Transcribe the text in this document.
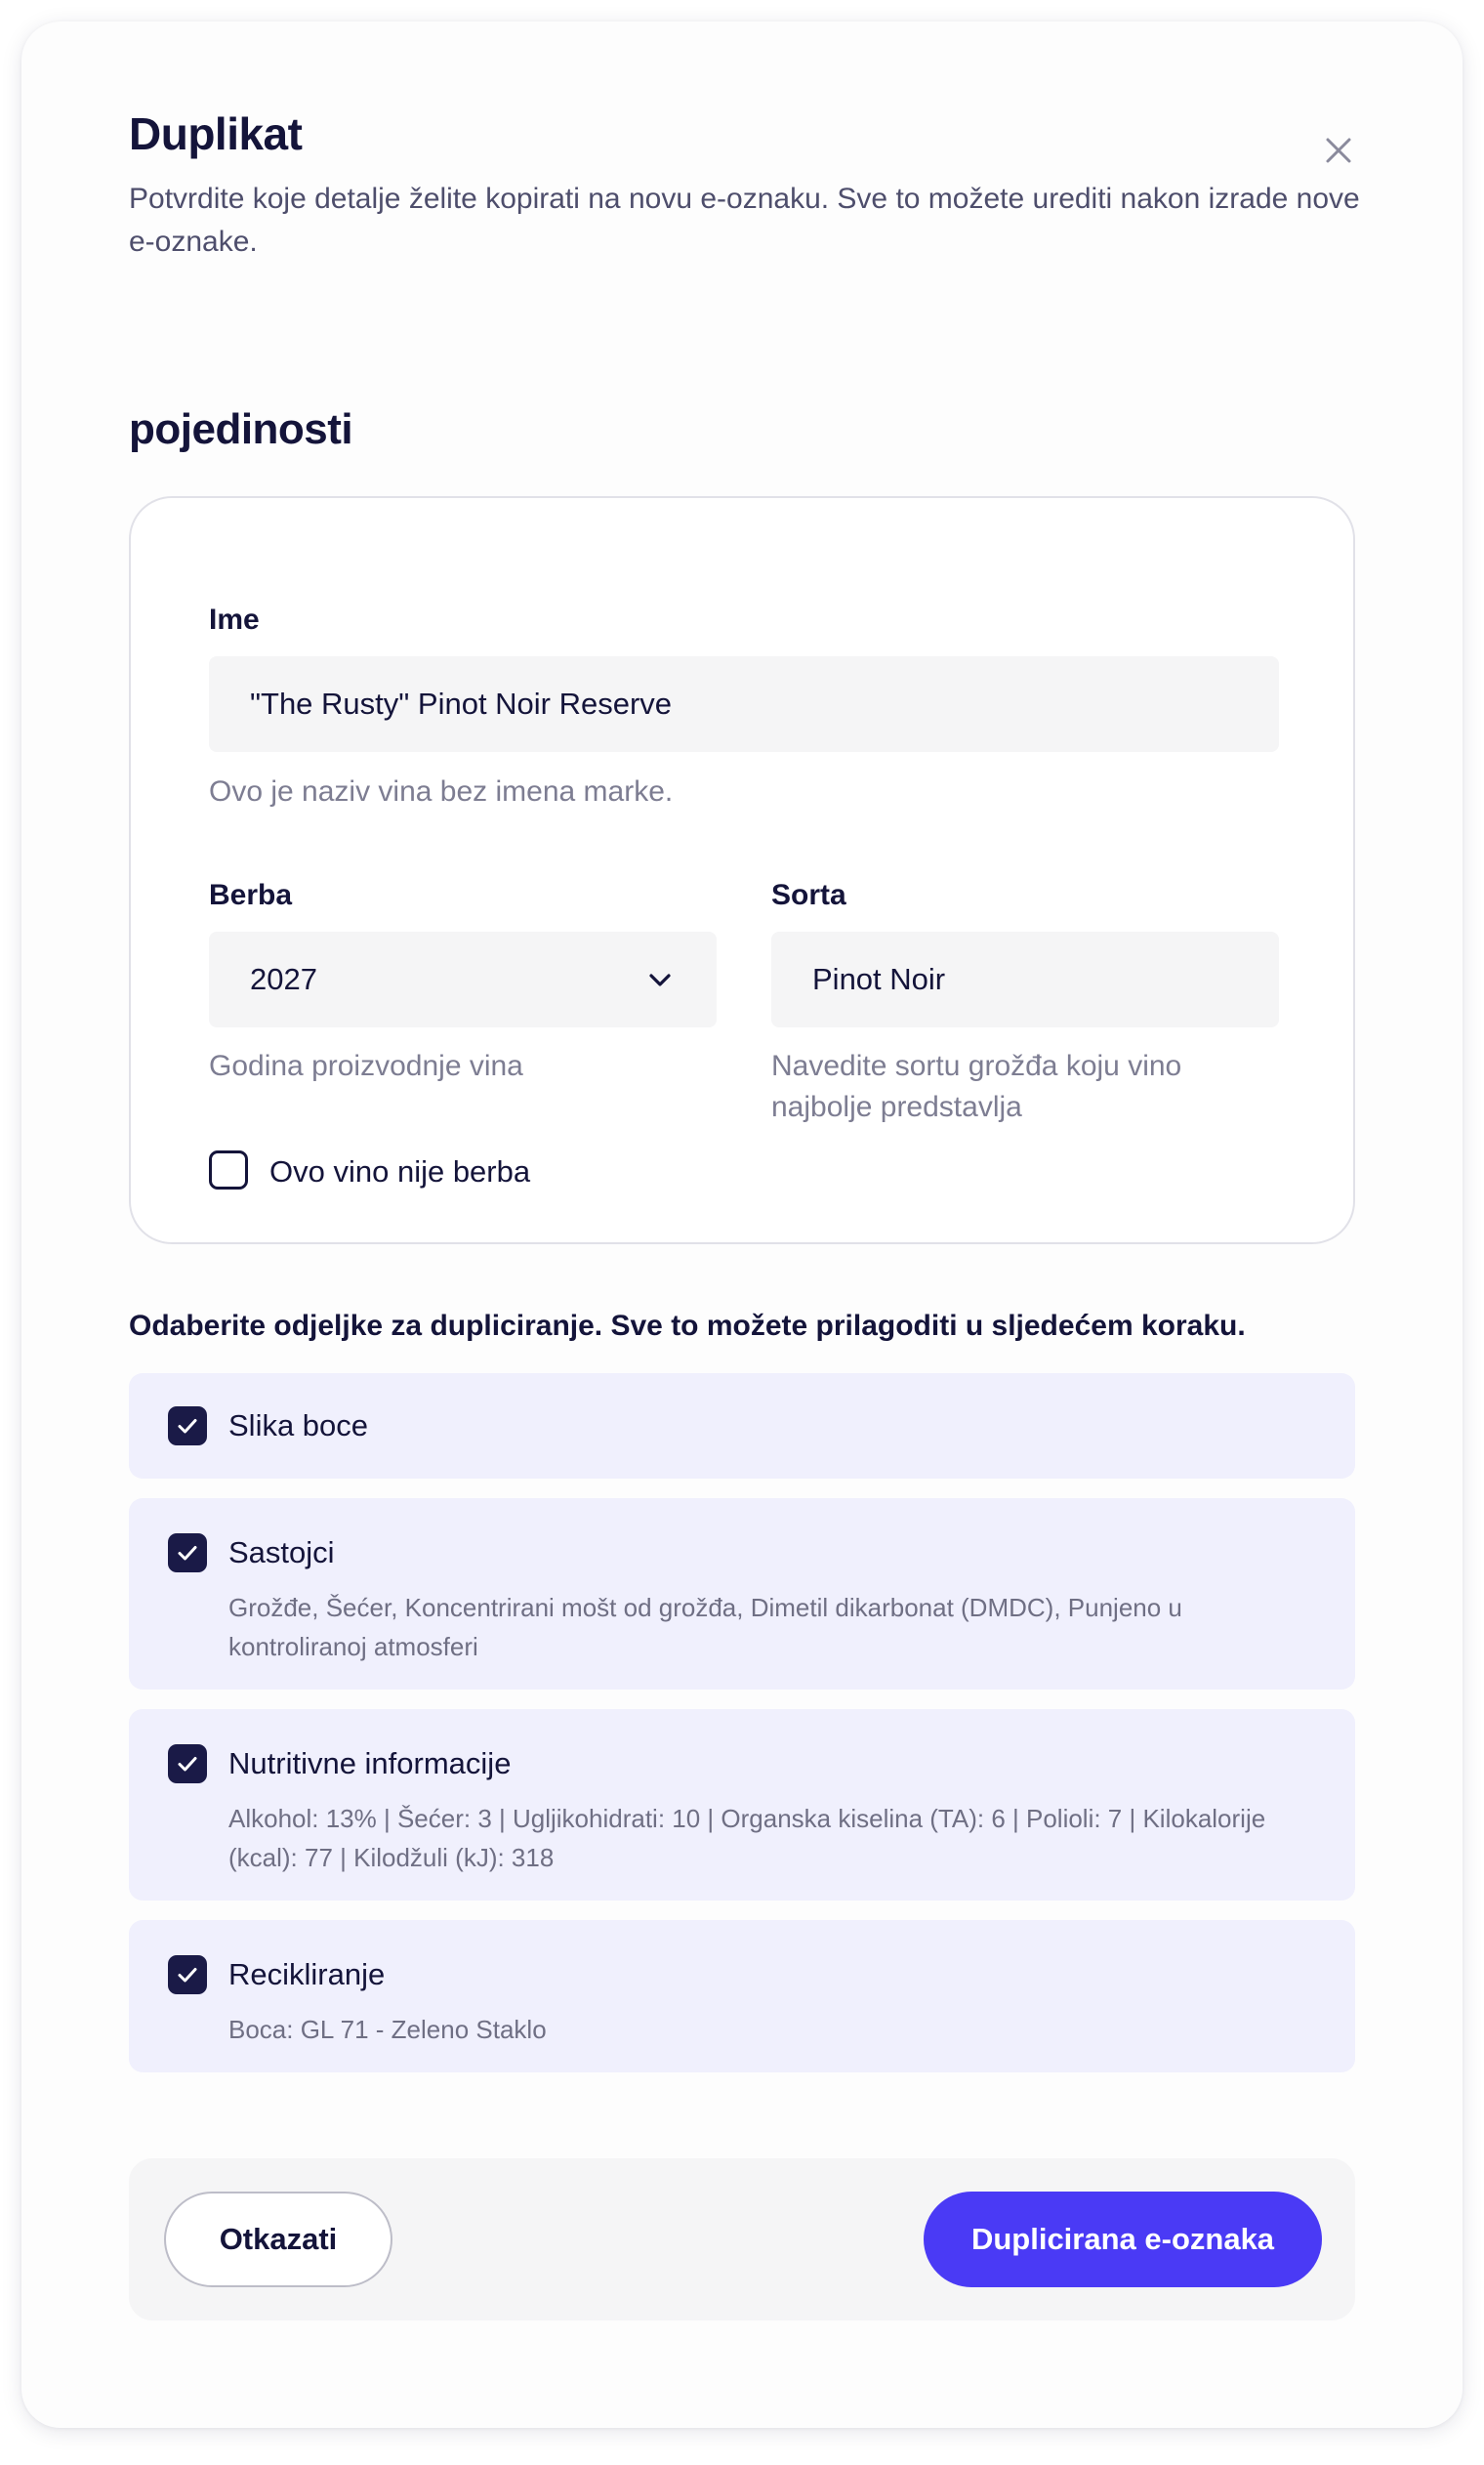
Duplikat

Potvrdite koje detalje želite kopirati na novu e-oznaku. Sve to možete urediti nakon izrade nove e-oznake.

pojedinosti
Ime
"The Rusty" Pinot Noir Reserve
Ovo je naziv vina bez imena marke.
Berba
2027
Godina proizvodnje vina
Sorta
Pinot Noir
Navedite sortu grožđa koju vino najbolje predstavlja
Ovo vino nije berba
Odaberite odjeljke za dupliciranje. Sve to možete prilagoditi u sljedećem koraku.
Slika boce
Sastojci
Grožđe, Šećer, Koncentrirani mošt od grožđa, Dimetil dikarbonat (DMDC), Punjeno u kontroliranoj atmosferi
Nutritivne informacije
Alkohol: 13% | Šećer: 3 | Ugljikohidrati: 10 | Organska kiselina (TA): 6 | Polioli: 7 | Kilokalorije (kcal): 77 | Kilodžuli (kJ): 318
Recikliranje
Boca: GL 71 - Zeleno Staklo
Otkazati	Duplicirana e-oznaka
